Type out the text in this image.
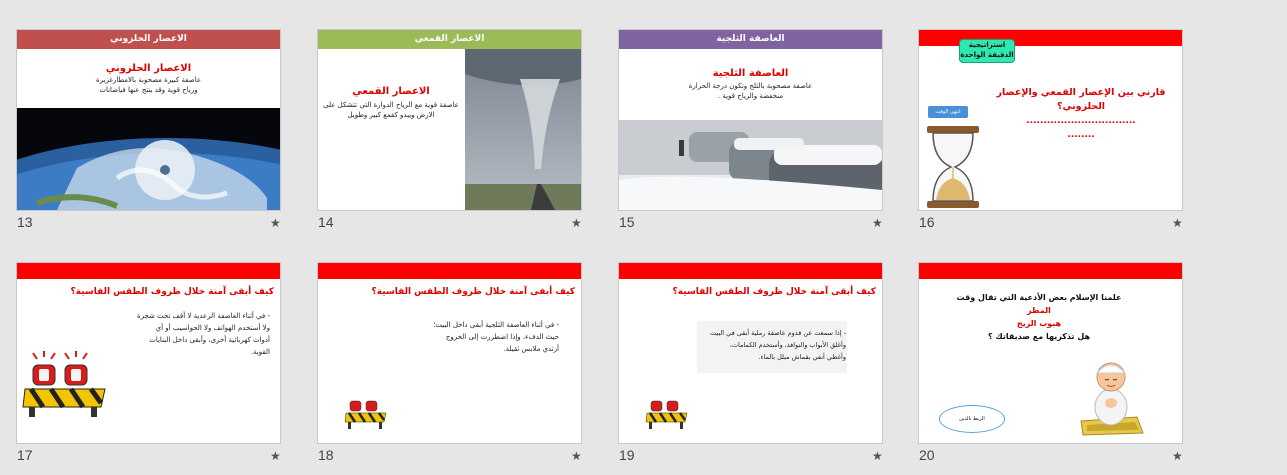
الاعصار الحلزوني
الاعصار الحلزوني
عاصفة كبيرة مصحوبة بالامطارغزيرة
ورياح قوية وقد ينتج عنها فياضانات
13	★
الاعصار القمعي
الاعصار القمعي
عاصفة قوية مع الرياح الدوارة التي تتشكل على
الارض ويبدو كقمع كبير وطويل
14	★
العاصفة الثلجية
العاصفة الثلجية
عاصفة مصحوبة بالثلج وتكون درجة الحرارة
منخفضة والرياح قوية .
15	★
استراتيجية
الدقيقة الواحدة
انتهى الوقت
قارني بين الإعصار القمعي والإعصار
الحلزوني؟
................................
........
16	★
كيف أبقى آمنة خلال ظروف الطقس القاسية؟
- في أثناء العاصفة الرعدية لا أقف تحت شجرة
ولا أستخدم الهواتف ولا الحواسيب أو أي
أدوات كهربائية أخرى، وأبقى داخل البنايات
القوية.
17	★
كيف أبقى آمنة خلال ظروف الطقس القاسية؟
- في أثناء العاصفة الثلجية أبقى داخل البيت؛
حيث الدفء، وإذا اضطررت إلى الخروج
أرتدي ملابس ثقيلة.
18	★
كيف أبقى آمنة خلال ظروف الطقس القاسية؟
- إذا سمعت عن قدوم عاصفة رملية أبقى في البيت
وأغلق الأبواب والنوافذ، وأستخدم الكمامات،
وأغطي أنفي بقماش مبلل بالماء.
19	★
علمنا الإسلام بعض الأدعية التي تقال وقت
المطر
هبوب الريح
هل تذكريها مع صديقاتك ؟
الربط بالدين
20	★
